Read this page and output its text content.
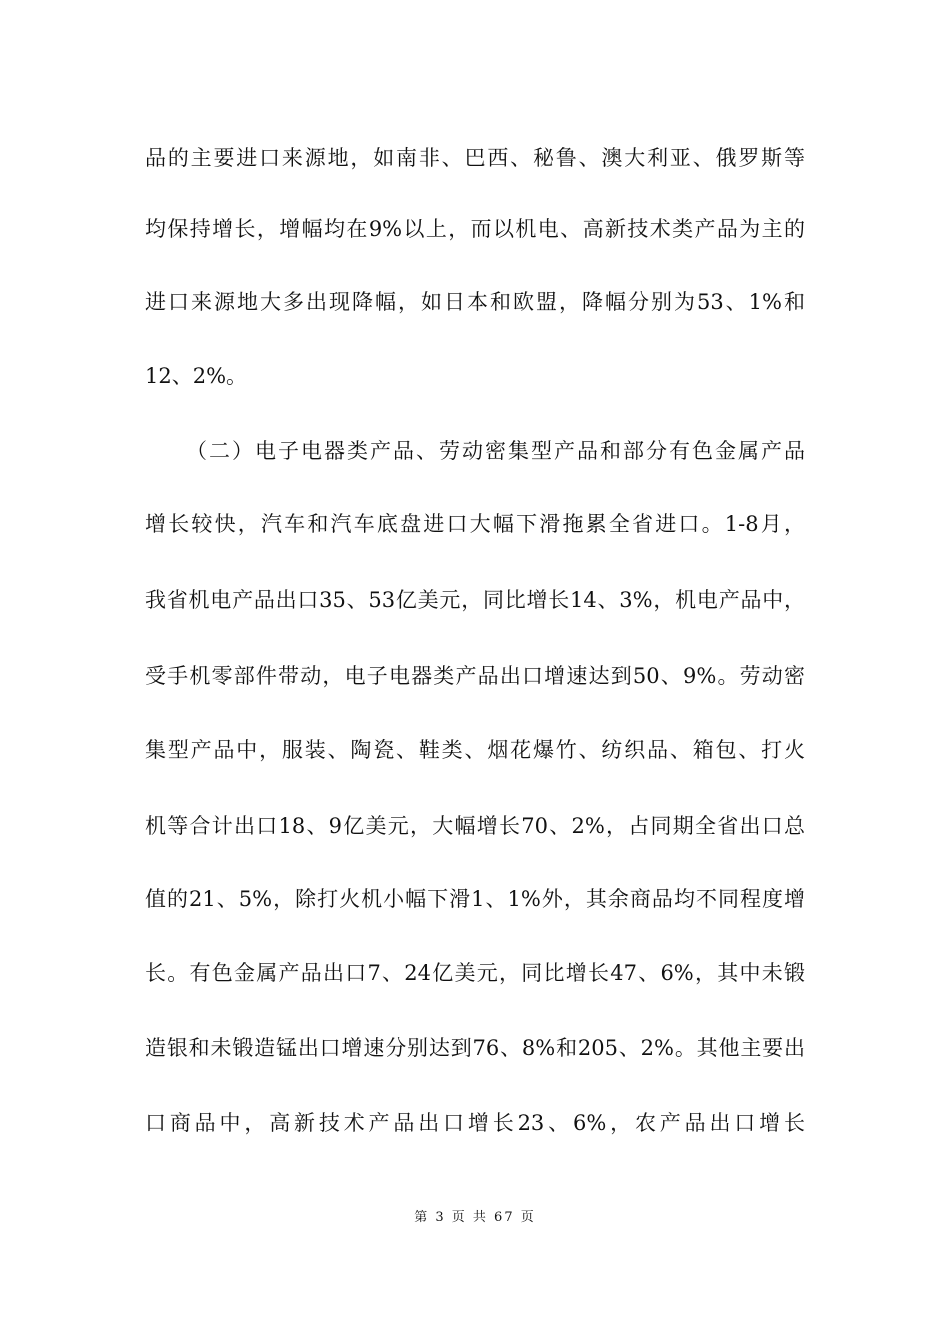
品的主要进口来源地，如南非、巴西、秘鲁、澳大利亚、俄罗斯等
均保持增长，增幅均在9%以上，而以机电、高新技术类产品为主的
进口来源地大多出现降幅，如日本和欧盟，降幅分别为53、1%和
12、2%。
（二）电子电器类产品、劳动密集型产品和部分有色金属产品
增长较快，汽车和汽车底盘进口大幅下滑拖累全省进口。1-8月，
我省机电产品出口35、53亿美元，同比增长14、3%，机电产品中，
受手机零部件带动，电子电器类产品出口增速达到50、9%。劳动密
集型产品中，服装、陶瓷、鞋类、烟花爆竹、纺织品、箱包、打火
机等合计出口18、9亿美元，大幅增长70、2%，占同期全省出口总
值的21、5%，除打火机小幅下滑1、1%外，其余商品均不同程度增
长。有色金属产品出口7、24亿美元，同比增长47、6%，其中未锻
造银和未锻造锰出口增速分别达到76、8%和205、2%。其他主要出
口商品中，高新技术产品出口增长23、6%，农产品出口增长
第 3 页 共 67 页
